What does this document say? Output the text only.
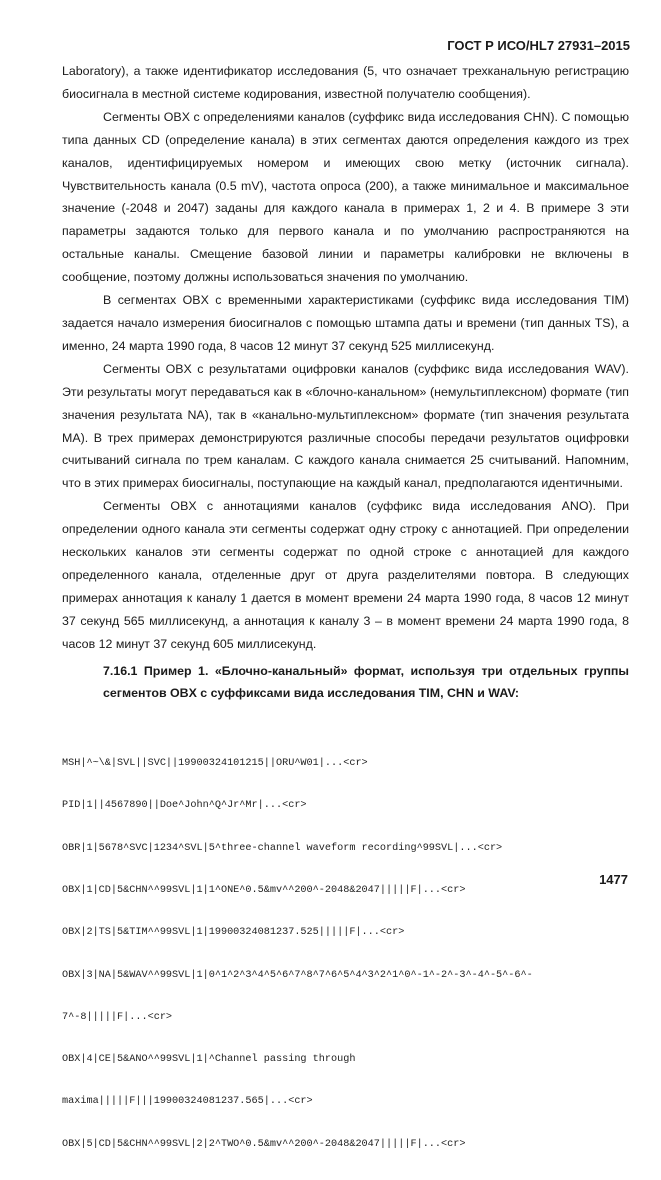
ГОСТ Р ИСО/HL7 27931–2015

Laboratory), а также идентификатор исследования (5, что означает трехканальную регистрацию биосигнала в местной системе кодирования, известной получателю сообщения).

Сегменты OBX с определениями каналов (суффикс вида исследования CHN). С помощью типа данных CD (определение канала) в этих сегментах даются определения каждого из трех каналов, идентифицируемых номером и имеющих свою метку (источник сигнала). Чувствительность канала (0.5 mV), частота опроса (200), а также минимальное и максимальное значение (-2048 и 2047) заданы для каждого канала в примерах 1, 2 и 4. В примере 3 эти параметры задаются только для первого канала и по умолчанию распространяются на остальные каналы. Смещение базовой линии и параметры калибровки не включены в сообщение, поэтому должны использоваться значения по умолчанию.

В сегментах OBX с временными характеристиками (суффикс вида исследования TIM) задается начало измерения биосигналов с помощью штампа даты и времени (тип данных TS), а именно, 24 марта 1990 года, 8 часов 12 минут 37 секунд 525 миллисекунд.

Сегменты OBX с результатами оцифровки каналов (суффикс вида исследования WAV). Эти результаты могут передаваться как в «блочно-канальном» (немультиплексном) формате (тип значения результата NA), так в «канально-мультиплексном» формате (тип значения результата MA). В трех примерах демонстрируются различные способы передачи результатов оцифровки считываний сигнала по трем каналам. С каждого канала снимается 25 считываний. Напомним, что в этих примерах биосигналы, поступающие на каждый канал, предполагаются идентичными.

Сегменты OBX с аннотациями каналов (суффикс вида исследования ANO). При определении одного канала эти сегменты содержат одну строку с аннотацией. При определении нескольких каналов эти сегменты содержат по одной строке с аннотацией для каждого определенного канала, отделенные друг от друга разделителями повтора. В следующих примерах аннотация к каналу 1 дается в момент времени 24 марта 1990 года, 8 часов 12 минут 37 секунд 565 миллисекунд, а аннотация к каналу 3 – в момент времени 24 марта 1990 года, 8 часов 12 минут 37 секунд 605 миллисекунд.

7.16.1 Пример 1. «Блочно-канальный» формат, используя три отдельных группы сегментов OBX с суффиксами вида исследования TIM, CHN и WAV:

MSH|^~\&|SVL||SVC||19900324101215||ORU^W01|...<cr>

PID|1||4567890||Doe^John^Q^Jr^Mr|...<cr>

OBR|1|5678^SVC|1234^SVL|5^three-channel waveform recording^99SVL|...<cr>

OBX|1|CD|5&CHN^^99SVL|1|1^ONE^0.5&mv^^200^-2048&2047|||||F|...<cr>

OBX|2|TS|5&TIM^^99SVL|1|19900324081237.525|||||F|...<cr>

OBX|3|NA|5&WAV^^99SVL|1|0^1^2^3^4^5^6^7^8^7^6^5^4^3^2^1^0^-1^-2^-3^-4^-5^-6^-

7^-8|||||F|...<cr>

OBX|4|CE|5&ANO^^99SVL|1|^Channel passing through

maxima|||||F|||19900324081237.565|...<cr>

OBX|5|CD|5&CHN^^99SVL|2|2^TWO^0.5&mv^^200^-2048&2047|||||F|...<cr>

1477
